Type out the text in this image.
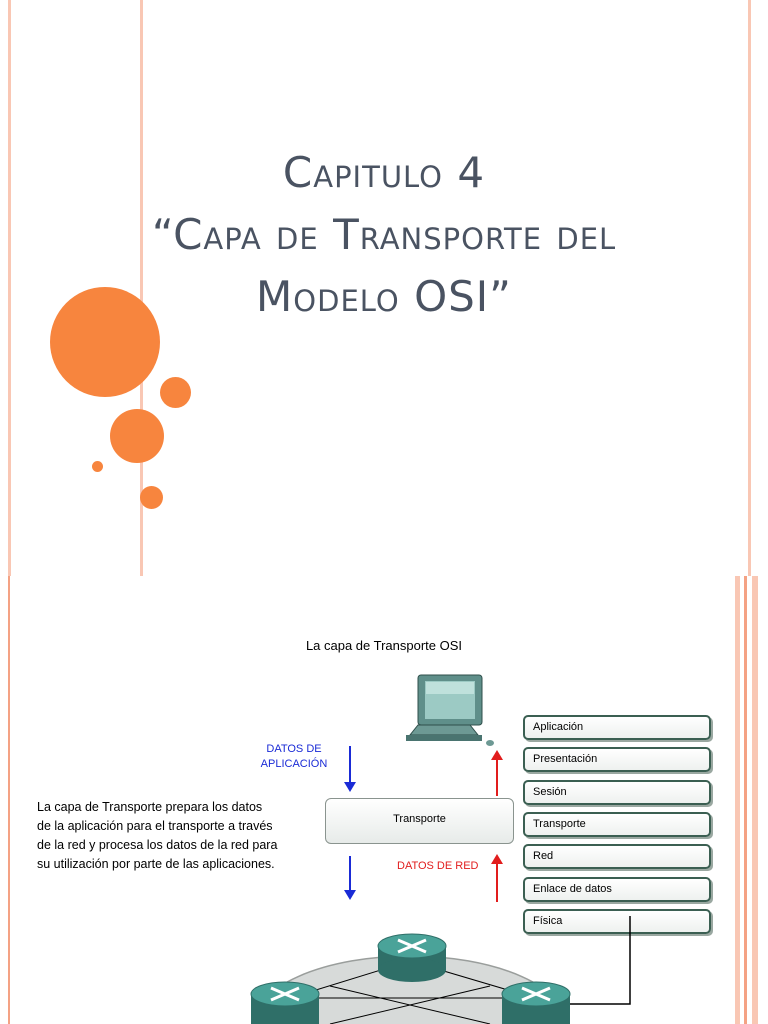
Capitulo 4
“Capa de Transporte del
Modelo OSI”
La capa de Transporte OSI
DATOS DE
APLICACIÓN
La capa de Transporte prepara los datos
de la aplicación para el transporte a través
de la red y procesa los datos de la red para
su utilización por parte de las aplicaciones.
Transporte
DATOS DE RED
Aplicación
Presentación
Sesión
Transporte
Red
Enlace de datos
Física
